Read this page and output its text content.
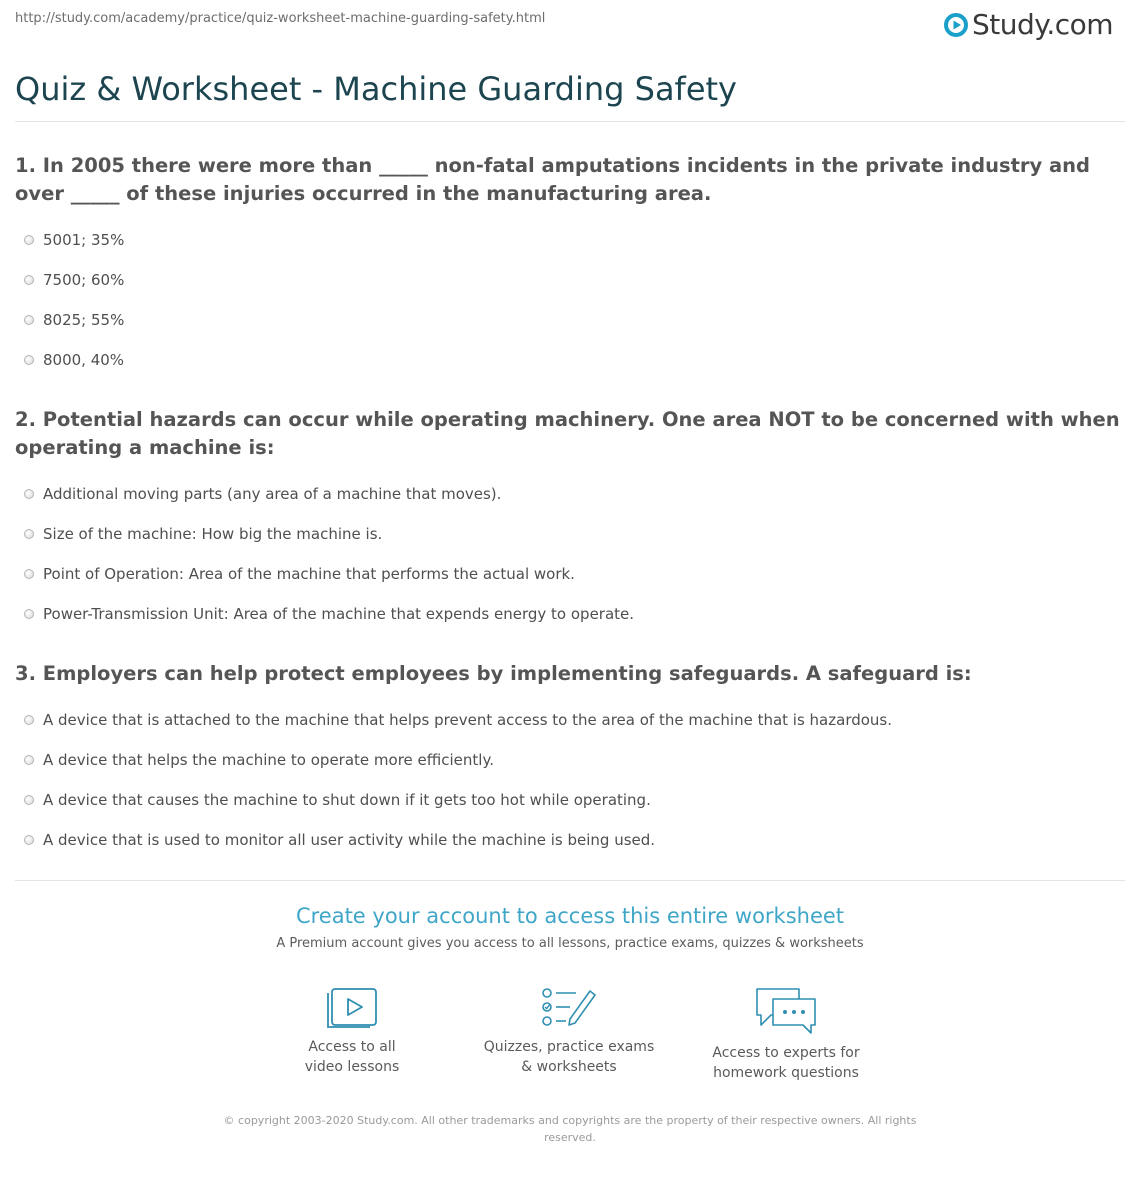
http://study.com/academy/practice/quiz-worksheet-machine-guarding-safety.html	Study.com
Quiz & Worksheet - Machine Guarding Safety

1. In 2005 there were more than _____ non-fatal amputations incidents in the private industry and over _____ of these injuries occurred in the manufacturing area.

5001; 35%
7500; 60%
8025; 55%
8000, 40%

2. Potential hazards can occur while operating machinery. One area NOT to be concerned with when operating a machine is:

Additional moving parts (any area of a machine that moves).
Size of the machine: How big the machine is.
Point of Operation: Area of the machine that performs the actual work.
Power-Transmission Unit: Area of the machine that expends energy to operate.

3. Employers can help protect employees by implementing safeguards. A safeguard is:

A device that is attached to the machine that helps prevent access to the area of the machine that is hazardous.
A device that helps the machine to operate more efficiently.
A device that causes the machine to shut down if it gets too hot while operating.
A device that is used to monitor all user activity while the machine is being used.

Create your account to access this entire worksheet

A Premium account gives you access to all lessons, practice exams, quizzes & worksheets
Access to all
video lessons
Quizzes, practice exams
& worksheets
Access to experts for
homework questions
© copyright 2003-2020 Study.com. All other trademarks and copyrights are the property of their respective owners. All rights reserved.
